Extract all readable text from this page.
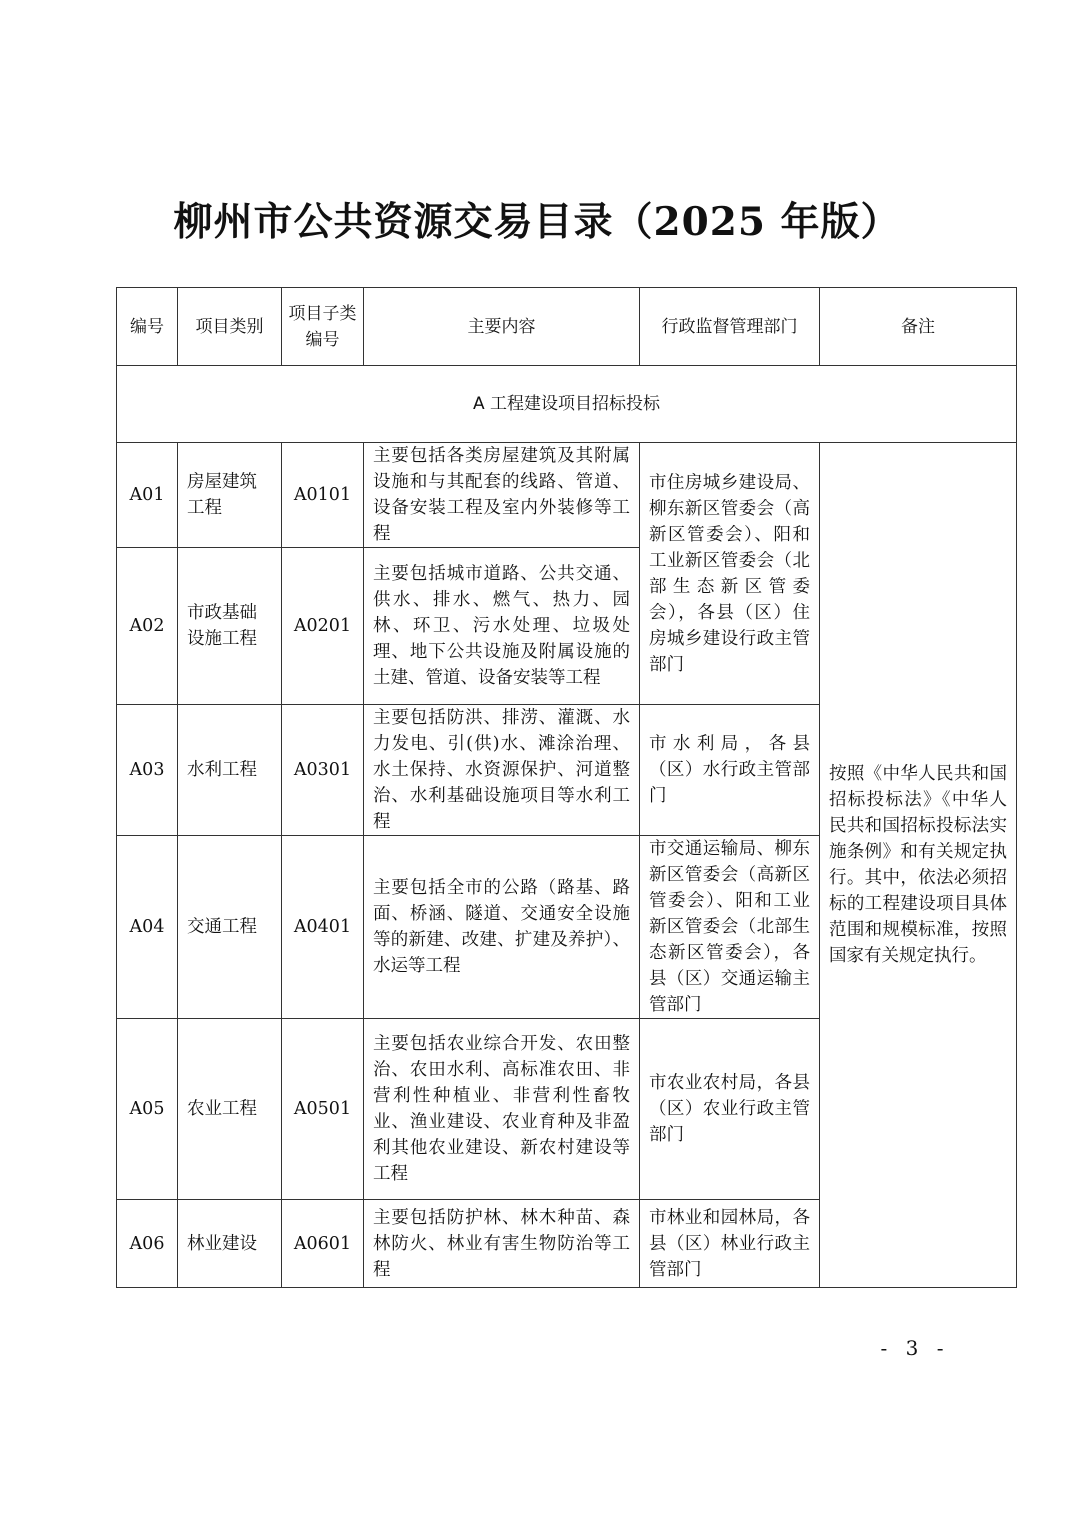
柳州市公共资源交易目录（2025 年版）
编号	项目类别	项目子类编号	主要内容	行政监督管理部门	备注
A 工程建设项目招标投标					
A01	房屋建筑工程	A0101	主要包括各类房屋建筑及其附属设施和与其配套的线路、管道、设备安装工程及室内外装修等工程	市住房城乡建设局、柳东新区管委会（高新区管委会）、阳和工业新区管委会（北部生态新区管委会），各县（区）住房城乡建设行政主管部门	按照《中华人民共和国招标投标法》《中华人民共和国招标投标法实施条例》和有关规定执行。其中，依法必须招标的工程建设项目具体范围和规模标准，按照国家有关规定执行。
A02	市政基础设施工程	A0201	主要包括城市道路、公共交通、供水、排水、燃气、热力、园林、环卫、污水处理、垃圾处理、地下公共设施及附属设施的土建、管道、设备安装等工程		
A03	水利工程	A0301	主要包括防洪、排涝、灌溉、水力发电、引(供)水、滩涂治理、水土保持、水资源保护、河道整治、水利基础设施项目等水利工程	市水利局，各县（区）水行政主管部门	
A04	交通工程	A0401	主要包括全市的公路（路基、路面、桥涵、隧道、交通安全设施等的新建、改建、扩建及养护）、水运等工程	市交通运输局、柳东新区管委会（高新区管委会）、阳和工业新区管委会（北部生态新区管委会），各县（区）交通运输主管部门	
A05	农业工程	A0501	主要包括农业综合开发、农田整治、农田水利、高标准农田、非营利性种植业、非营利性畜牧业、渔业建设、农业育种及非盈利其他农业建设、新农村建设等工程	市农业农村局，各县（区）农业行政主管部门	
A06	林业建设	A0601	主要包括防护林、林木种苗、森林防火、林业有害生物防治等工程	市林业和园林局，各县（区）林业行政主管部门	
- 3 -
